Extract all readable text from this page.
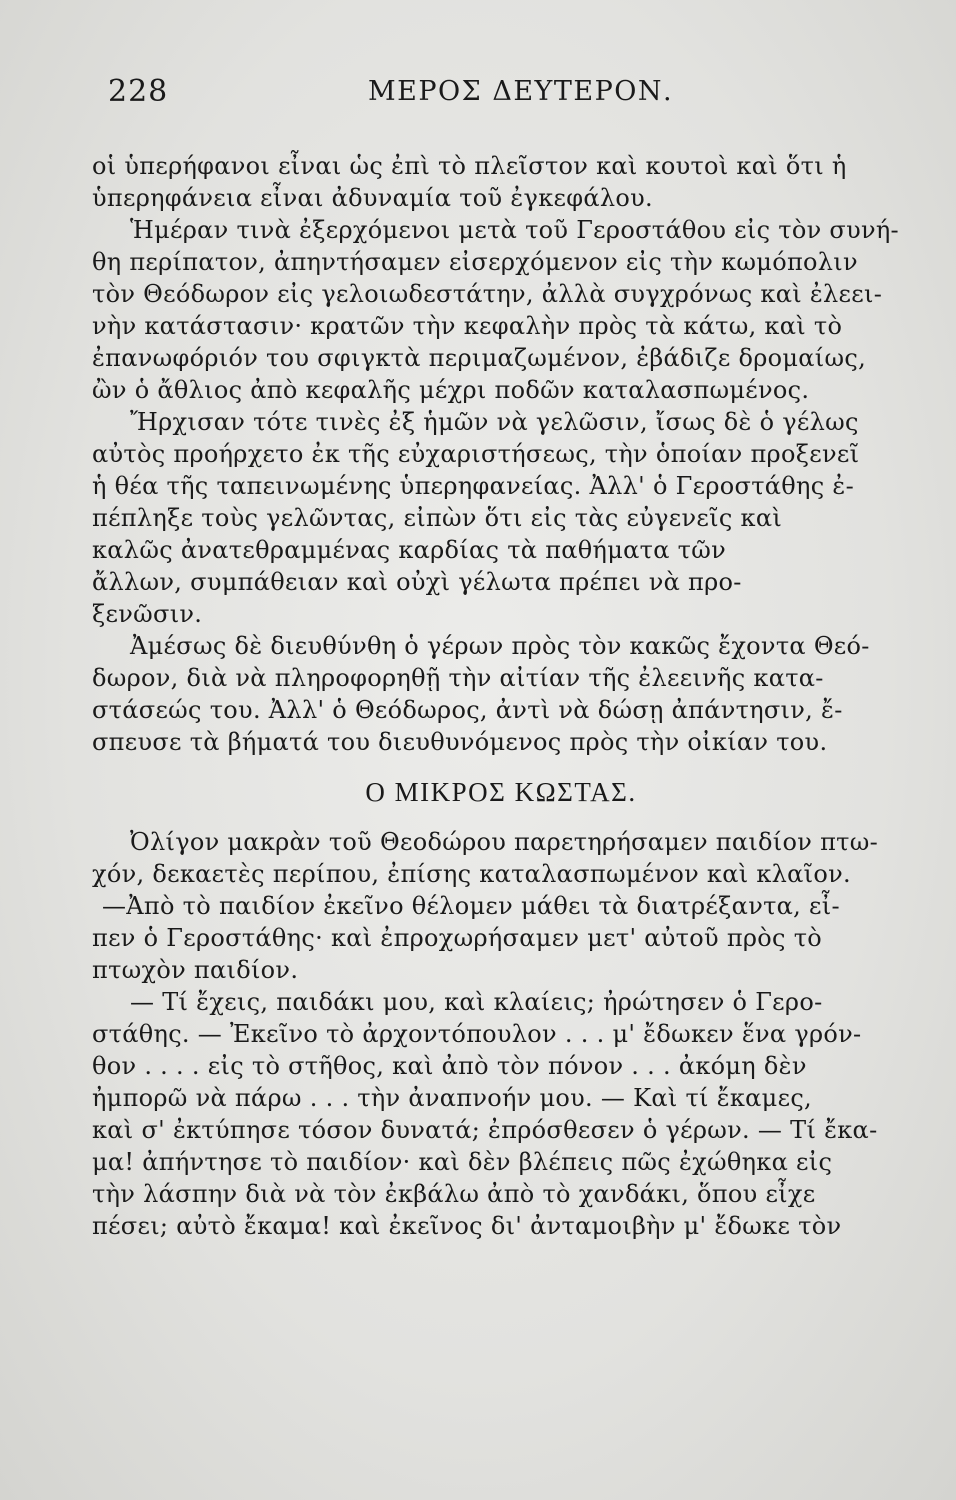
228	ΜΕΡΟΣ ΔΕΥΤΕΡΟΝ.
οἱ ὑπερήφανοι εἶναι ὡς ἐπὶ τὸ πλεῖστον καὶ κουτοὶ καὶ ὅτι ἡ
ὑπερηφάνεια εἶναι ἀδυναμία τοῦ ἐγκεφάλου.
Ἡμέραν τινὰ ἐξερχόμενοι μετὰ τοῦ Γεροστάθου εἰς τὸν συνή-
θη περίπατον, ἀπηντήσαμεν εἰσερχόμενον εἰς τὴν κωμόπολιν
τὸν Θεόδωρον εἰς γελοιωδεστάτην, ἀλλὰ συγχρόνως καὶ ἐλεει-
νὴν κατάστασιν· κρατῶν τὴν κεφαλὴν πρὸς τὰ κάτω, καὶ τὸ
ἐπανωφόριόν του σφιγκτὰ περιμαζωμένον, ἐβάδιζε δρομαίως,
ὢν ὁ ἄθλιος ἀπὸ κεφαλῆς μέχρι ποδῶν καταλασπωμένος.
Ἤρχισαν τότε τινὲς ἐξ ἡμῶν νὰ γελῶσιν, ἴσως δὲ ὁ γέλως
αὐτὸς προήρχετο ἐκ τῆς εὐχαριστήσεως, τὴν ὁποίαν προξενεῖ
ἡ θέα τῆς ταπεινωμένης ὑπερηφανείας. Ἀλλ' ὁ Γεροστάθης ἐ-
πέπληξε τοὺς γελῶντας, εἰπὼν ὅτι εἰς τὰς εὐγενεῖς καὶ
καλῶς ἀνατεθραμμένας καρδίας τὰ παθήματα τῶν
ἄλλων, συμπάθειαν καὶ οὐχὶ γέλωτα πρέπει νὰ προ-
ξενῶσιν.
Ἀμέσως δὲ διευθύνθη ὁ γέρων πρὸς τὸν κακῶς ἔχοντα Θεό-
δωρον, διὰ νὰ πληροφορηθῇ τὴν αἰτίαν τῆς ἐλεεινῆς κατα-
στάσεώς του. Ἀλλ' ὁ Θεόδωρος, ἀντὶ νὰ δώσῃ ἀπάντησιν, ἔ-
σπευσε τὰ βήματά του διευθυνόμενος πρὸς τὴν οἰκίαν του.
Ο ΜΙΚΡΟΣ ΚΩΣΤΑΣ.
Ὀλίγον μακρὰν τοῦ Θεοδώρου παρετηρήσαμεν παιδίον πτω-
χόν, δεκαετὲς περίπου, ἐπίσης καταλασπωμένον καὶ κλαῖον.
—Ἀπὸ τὸ παιδίον ἐκεῖνο θέλομεν μάθει τὰ διατρέξαντα, εἶ-
πεν ὁ Γεροστάθης· καὶ ἐπροχωρήσαμεν μετ' αὐτοῦ πρὸς τὸ
πτωχὸν παιδίον.
— Τί ἔχεις, παιδάκι μου, καὶ κλαίεις; ἠρώτησεν ὁ Γερο-
στάθης. — Ἐκεῖνο τὸ ἀρχοντόπουλον . . . μ' ἔδωκεν ἕνα γρόν-
θον . . . . εἰς τὸ στῆθος, καὶ ἀπὸ τὸν πόνον . . . ἀκόμη δὲν
ἠμπορῶ νὰ πάρω . . . τὴν ἀναπνοήν μου. — Καὶ τί ἔκαμες,
καὶ σ' ἐκτύπησε τόσον δυνατά; ἐπρόσθεσεν ὁ γέρων. — Τί ἔκα-
μα! ἀπήντησε τὸ παιδίον· καὶ δὲν βλέπεις πῶς ἐχώθηκα εἰς
τὴν λάσπην διὰ νὰ τὸν ἐκβάλω ἀπὸ τὸ χανδάκι, ὅπου εἶχε
πέσει; αὐτὸ ἔκαμα! καὶ ἐκεῖνος δι' ἀνταμοιβὴν μ' ἔδωκε τὸν
